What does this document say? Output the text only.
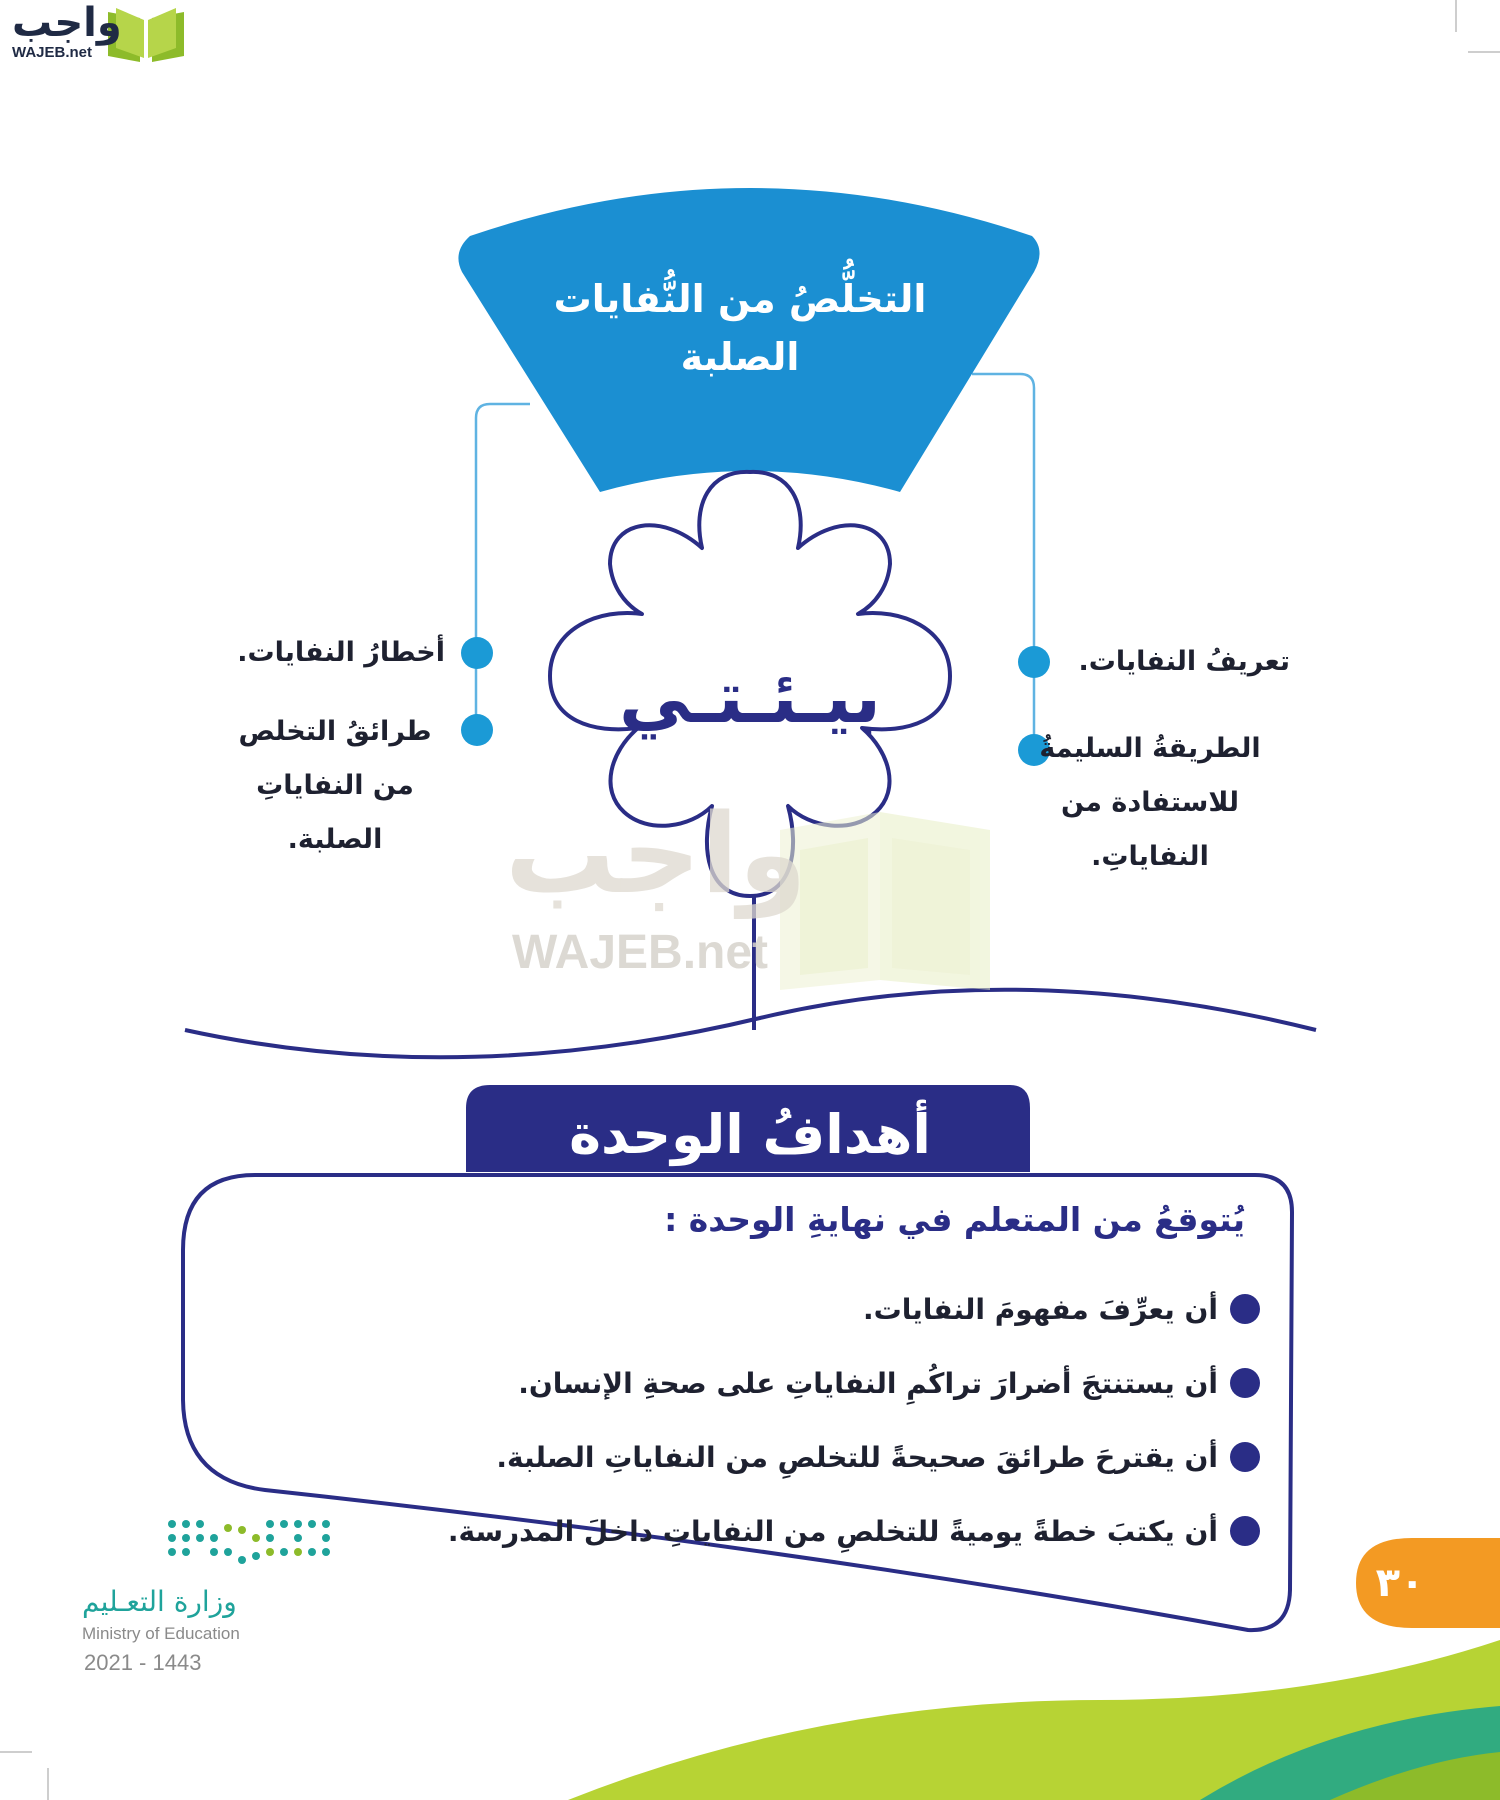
واجب
WAJEB.net
التخلُّصُ من النُّفايات
الصلبة
واجب
WAJEB.net
بيـئـتـي	تعريفُ النفايات.
الطريقةُ السليمةُ
للاستفادة من
النفاياتِ.
أخطارُ النفايات.
طرائقُ التخلص
من النفاياتِ
الصلبة.
أهدافُ الوحدة
يُتوقعُ من المتعلم في نهايةِ الوحدة :
أن يعرِّفَ مفهومَ النفايات.
أن يستنتجَ أضرارَ تراكُمِ النفاياتِ على صحةِ الإنسان.
أن يقترحَ طرائقَ صحيحةً للتخلصِ من النفاياتِ الصلبة.
أن يكتبَ خطةً يوميةً للتخلصِ من النفاياتِ داخلَ المدرسة.
٣٠
وزارة التعـليم
Ministry of Education
2021 - 1443
